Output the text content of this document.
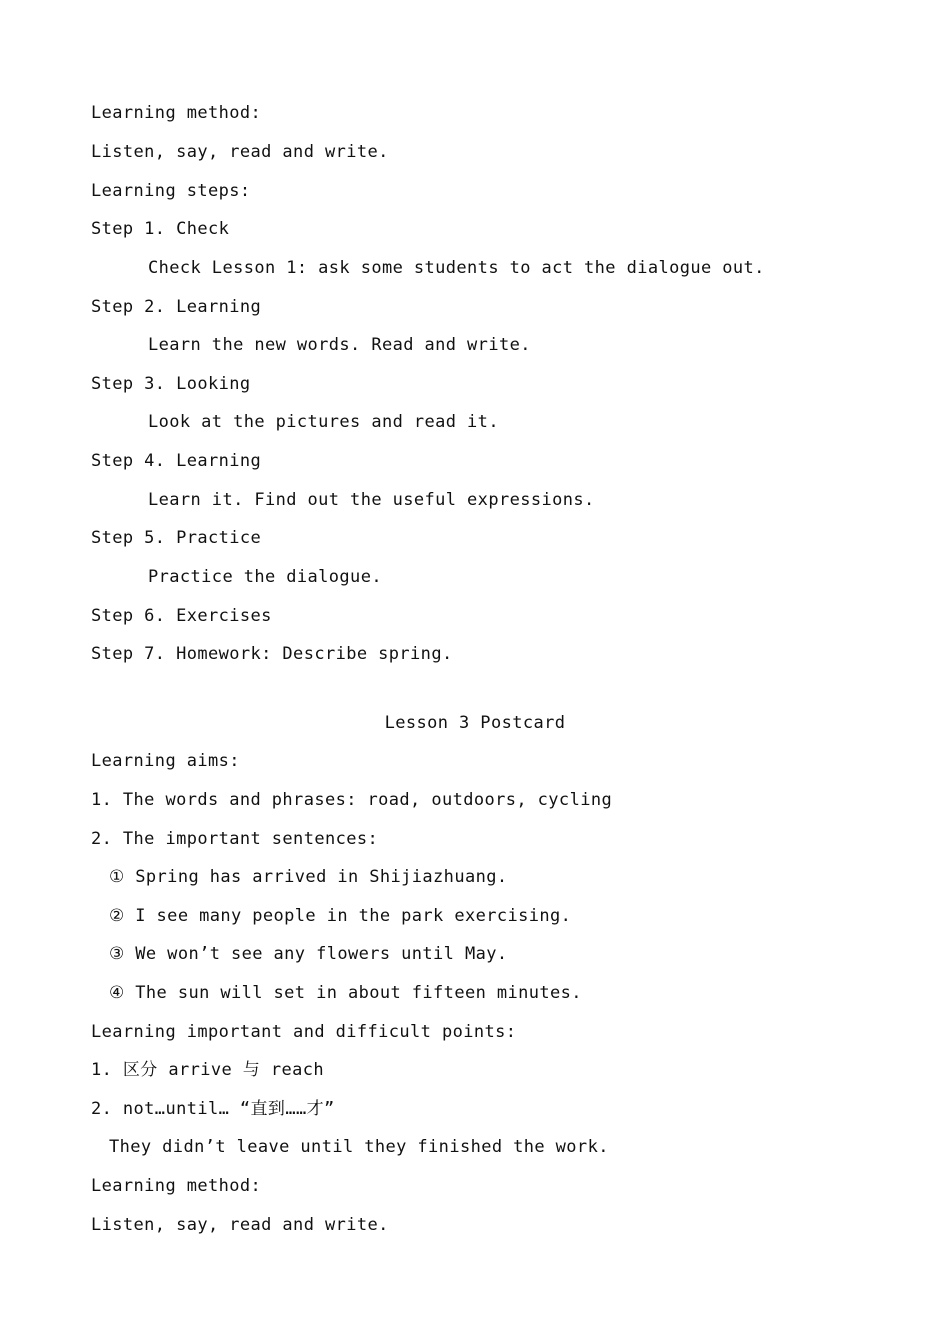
Learning method:
Listen, say, read and write.
Learning steps:
Step 1. Check
Check Lesson 1: ask some students to act the dialogue out.
Step 2. Learning
Learn the new words. Read and write.
Step 3. Looking
Look at the pictures and read it.
Step 4. Learning
Learn it. Find out the useful expressions.
Step 5. Practice
Practice the dialogue.
Step 6. Exercises
Step 7. Homework: Describe spring.
Lesson 3 Postcard
Learning aims:
1. The words and phrases: road, outdoors, cycling
2. The important sentences:
① Spring has arrived in Shijiazhuang.
② I see many people in the park exercising.
③ We won’t see any flowers until May.
④ The sun will set in about fifteen minutes.
Learning important and difficult points:
1. 区分 arrive 与 reach
2. not…until… “直到……才”
They didn’t leave until they finished the work.
Learning method:
Listen, say, read and write.
